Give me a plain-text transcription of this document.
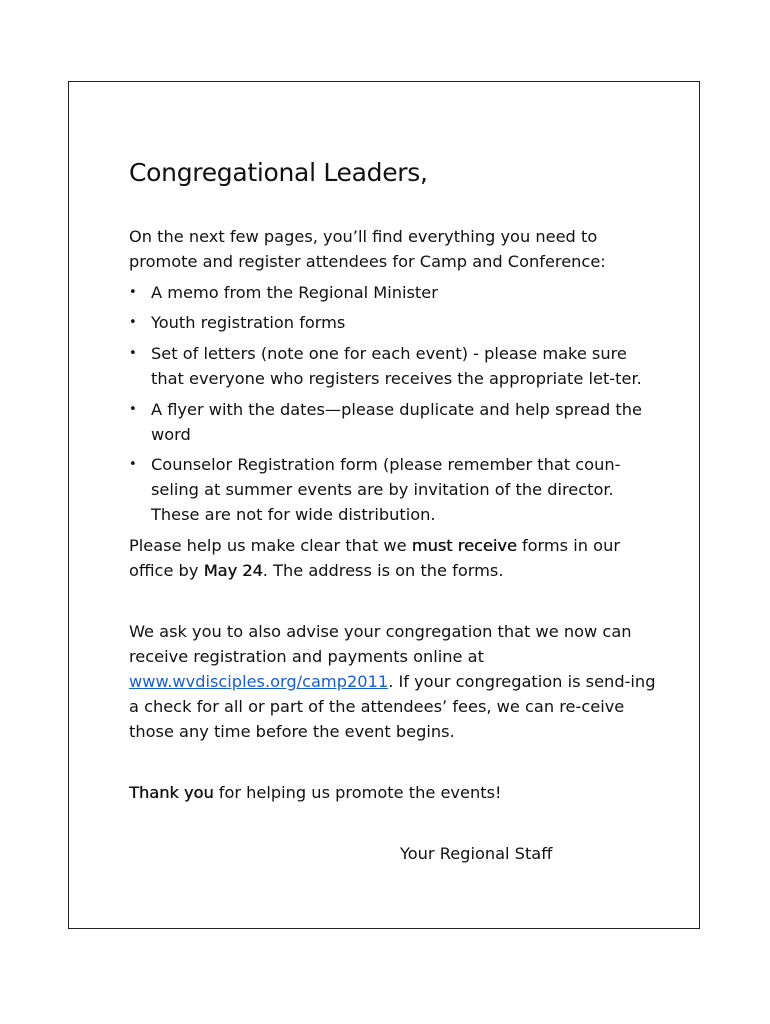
Congregational Leaders,

On the next few pages, you’ll find everything you need to promote and register attendees for Camp and Conference:

• A memo from the Regional Minister
• Youth registration forms
• Set of letters (note one for each event) - please make sure that everyone who registers receives the appropriate let-ter.
• A flyer with the dates—please duplicate and help spread the word
• Counselor Registration form (please remember that coun-seling at summer events are by invitation of the director. These are not for wide distribution.

Please help us make clear that we must receive forms in our office by May 24. The address is on the forms.

We ask you to also advise your congregation that we now can receive registration and payments online at www.wvdisciples.org/camp2011. If your congregation is send-ing a check for all or part of the attendees’ fees, we can re-ceive those any time before the event begins.

Thank you for helping us promote the events!

Your Regional Staff
